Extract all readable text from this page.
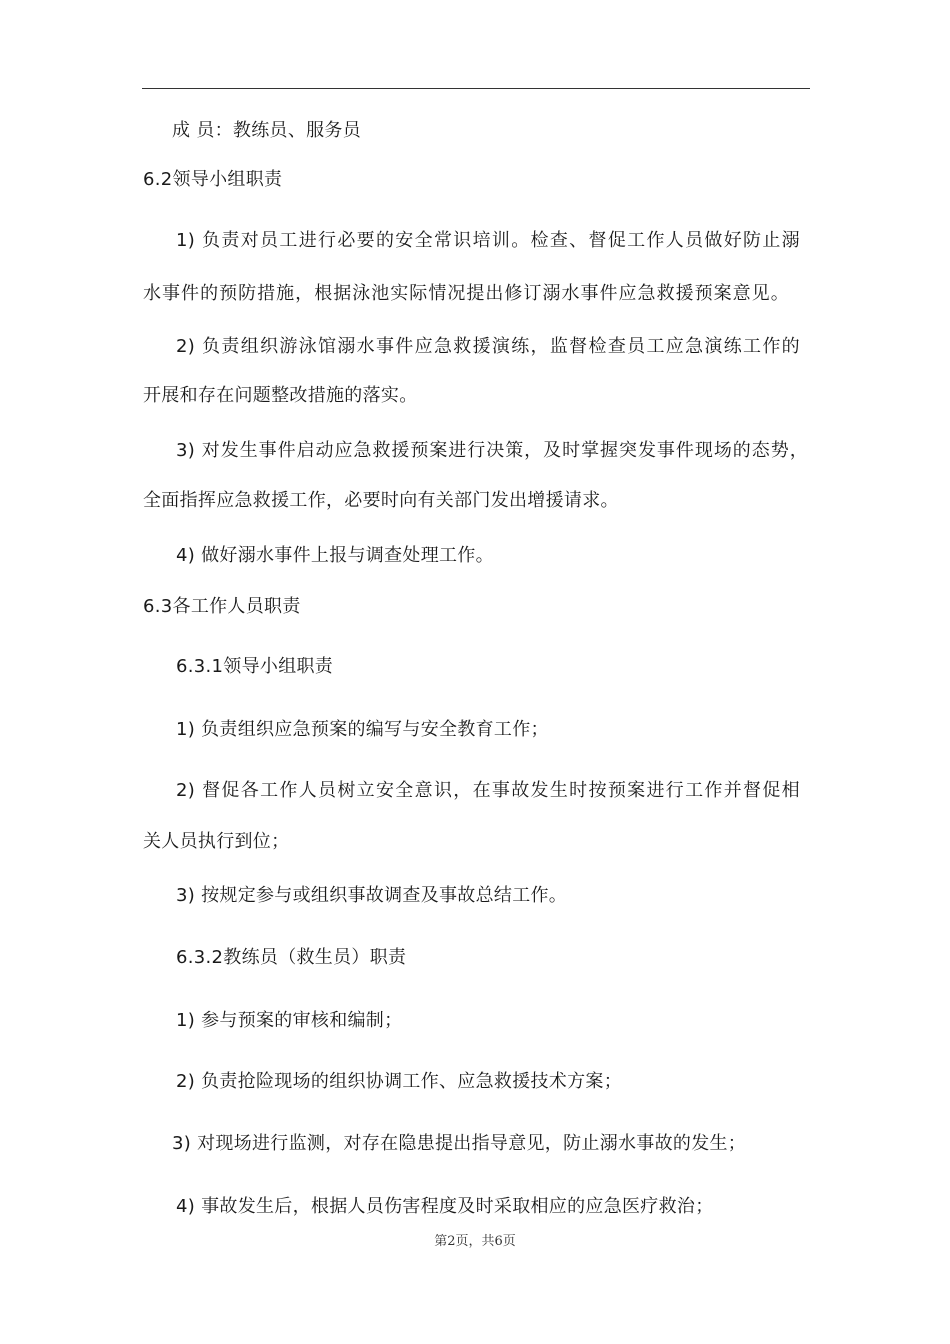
成 员：教练员、服务员
6.2领导小组职责
1) 负责对员工进行必要的安全常识培训。检查、督促工作人员做好防止溺
水事件的预防措施，根据泳池实际情况提出修订溺水事件应急救援预案意见。
2) 负责组织游泳馆溺水事件应急救援演练，监督检查员工应急演练工作的
开展和存在问题整改措施的落实。
3) 对发生事件启动应急救援预案进行决策，及时掌握突发事件现场的态势，
全面指挥应急救援工作，必要时向有关部门发出增援请求。
4) 做好溺水事件上报与调查处理工作。
6.3各工作人员职责
6.3.1领导小组职责
1) 负责组织应急预案的编写与安全教育工作；
2) 督促各工作人员树立安全意识，在事故发生时按预案进行工作并督促相
关人员执行到位；
3) 按规定参与或组织事故调查及事故总结工作。
6.3.2教练员（救生员）职责
1) 参与预案的审核和编制；
2) 负责抢险现场的组织协调工作、应急救援技术方案；
3) 对现场进行监测，对存在隐患提出指导意见，防止溺水事故的发生；
4) 事故发生后，根据人员伤害程度及时采取相应的应急医疗救治；
第2页，共6页
